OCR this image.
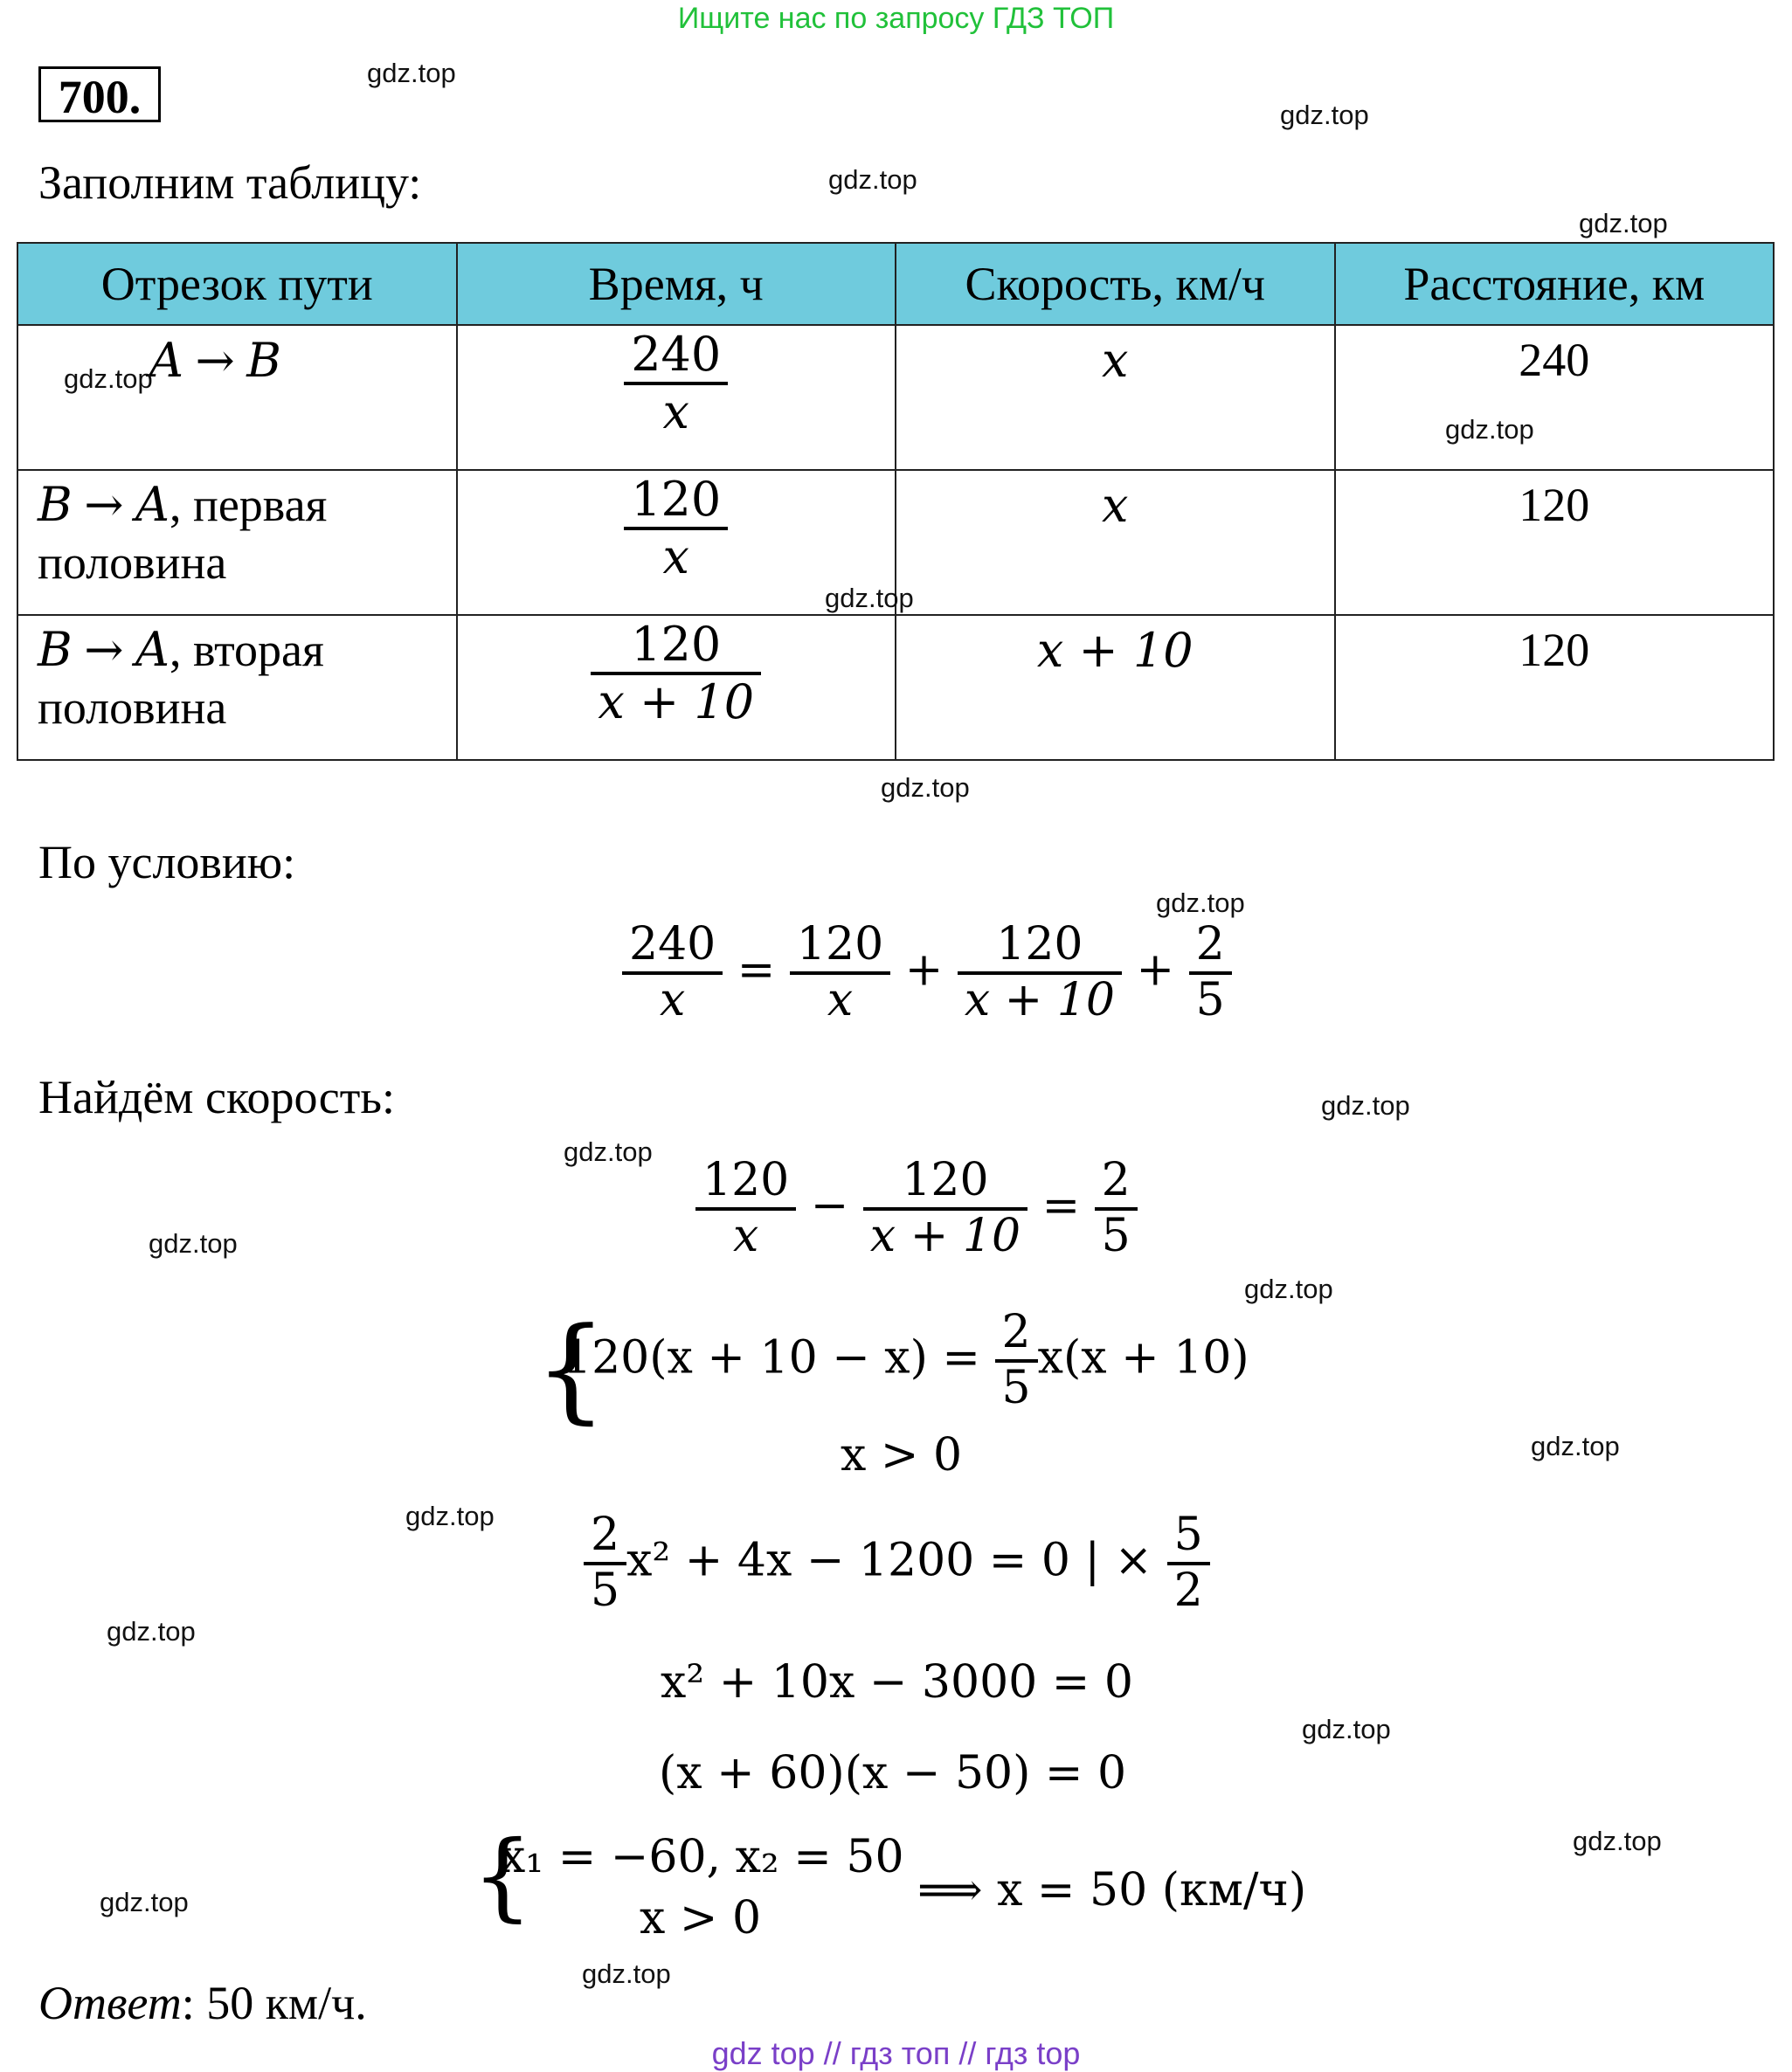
Ищите нас по запросу ГДЗ ТОП
700.	gdz.top
gdz.top
gdz.top
gdz.top
Заполним таблицу:
Отрезок пути	Время, ч	Скорость, км/ч	Расстояние, км
A → B	$\frac{240}{x}$	x	240
B → A, первая
половина	$\frac{120}{x}$	x	120
B → A, вторая
половина	$\frac{120}{x + 10}$	x + 10	120
gdz.top
gdz.top
gdz.top
gdz.top
По условию:
gdz.top
$\frac{240}{x} = \frac{120}{x} + \frac{120}{x + 10} + \frac{2}{5}$
Найдём скорость:	gdz.top
gdz.top
gdz.top	$\frac{120}{x} - \frac{120}{x + 10} = \frac{2}{5}$
gdz.top
{
$120(x + 10 - x) = \frac{2}{5} x(x + 10)$
x > 0	gdz.top
gdz.top
gdz.top
$\frac{2}{5} x^2 + 4x - 1200 = 0$ | × $\frac{5}{2}$
x² + 10x − 3000 = 0
gdz.top
(x + 60)(x − 50) = 0
gdz.top
{
x₁ = −60, x₂ = 50
x > 0
⟹ x = 50 (км/ч)
gdz.top
gdz.top
Ответ: 50 км/ч.
gdz top // гдз топ // гдз top
